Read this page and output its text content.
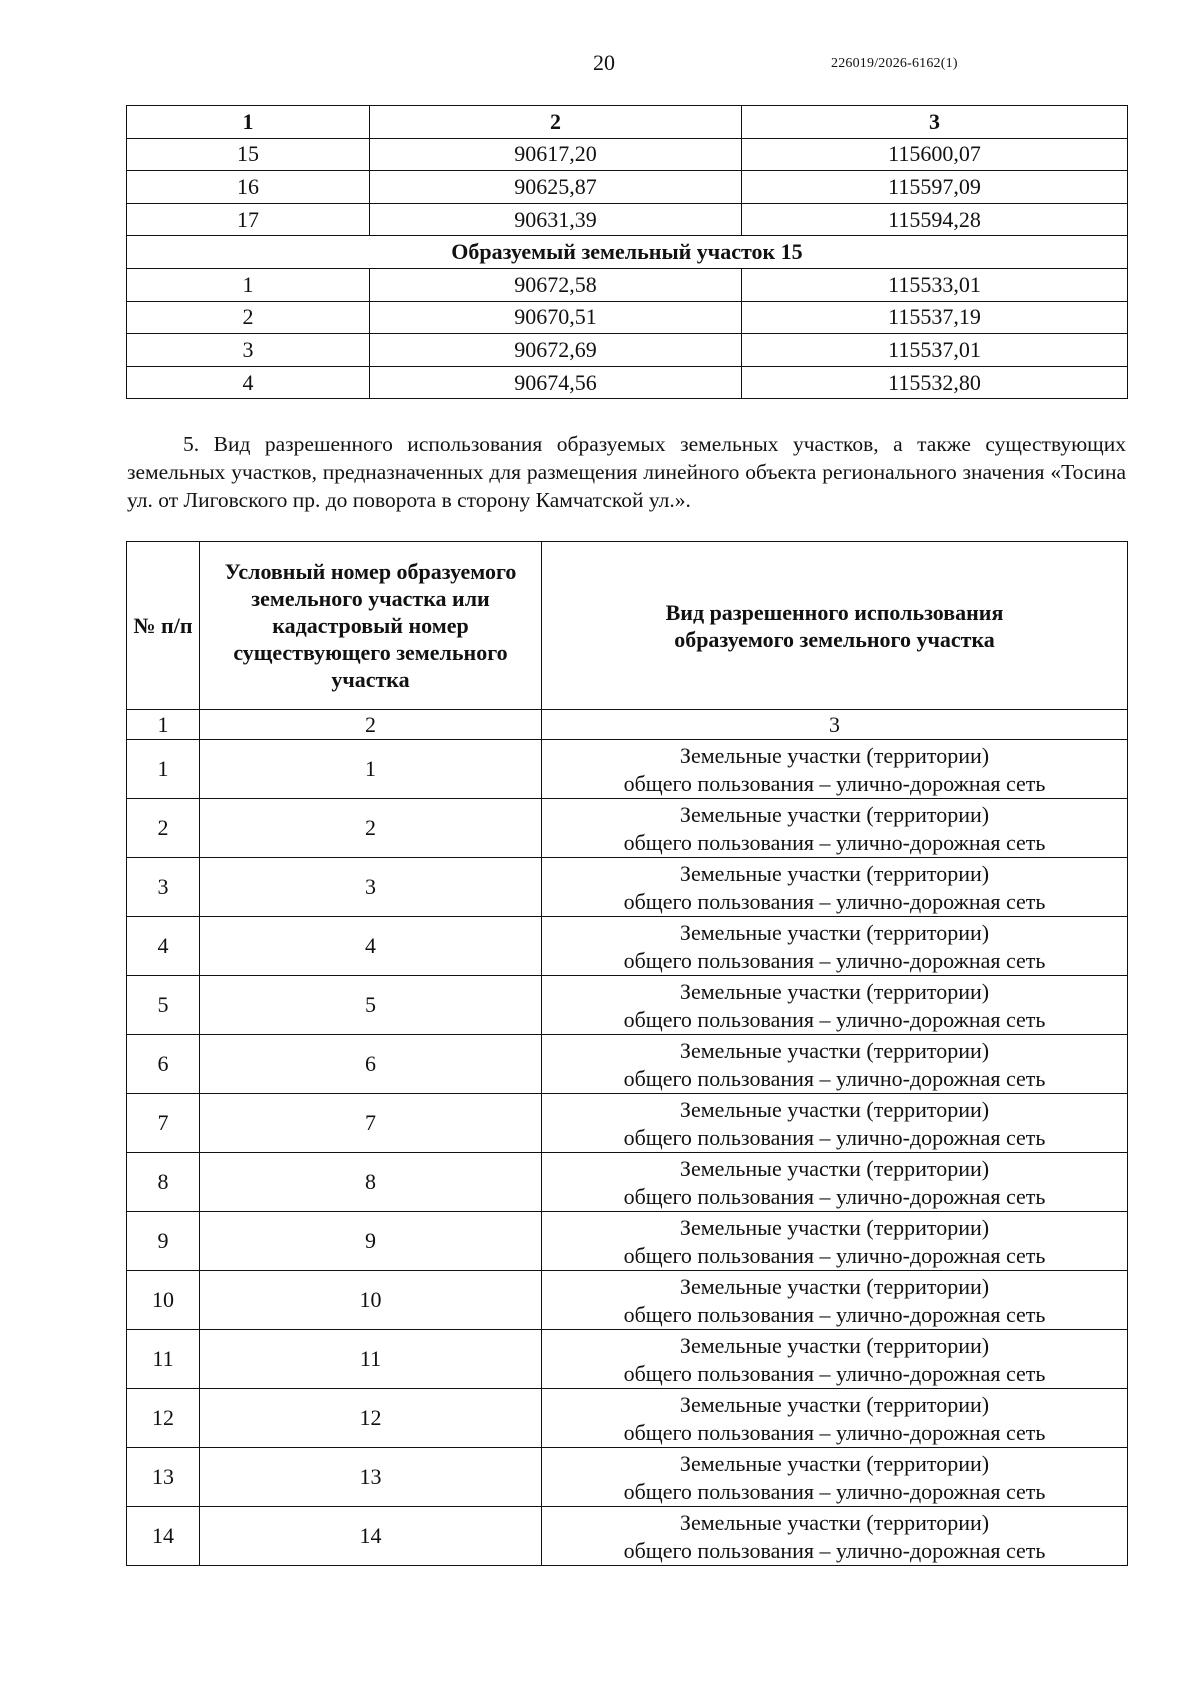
20	226019/2026-6162(1)
1	2	3
15	90617,20	115600,07
16	90625,87	115597,09
17	90631,39	115594,28
Образуемый земельный участок 15		
1	90672,58	115533,01
2	90670,51	115537,19
3	90672,69	115537,01
4	90674,56	115532,80

5. Вид разрешенного использования образуемых земельных участков, а также существующих земельных участков, предназначенных для размещения линейного объекта регионального значения «Тосина ул. от Лиговского пр. до поворота в сторону Камчатской ул.».

№ п/п	Условный номер образуемого земельного участка или кадастровый номер существующего земельного участка	Вид разрешенного использования образуемого земельного участка
1	2	3
1	1	Земельные участки (территории)
общего пользования – улично-дорожная сеть

2	2	Земельные участки (территории)
общего пользования – улично-дорожная сеть

3	3	Земельные участки (территории)
общего пользования – улично-дорожная сеть

4	4	Земельные участки (территории)
общего пользования – улично-дорожная сеть

5	5	Земельные участки (территории)
общего пользования – улично-дорожная сеть

6	6	Земельные участки (территории)
общего пользования – улично-дорожная сеть

7	7	Земельные участки (территории)
общего пользования – улично-дорожная сеть

8	8	Земельные участки (территории)
общего пользования – улично-дорожная сеть

9	9	Земельные участки (территории)
общего пользования – улично-дорожная сеть

10	10	Земельные участки (территории)
общего пользования – улично-дорожная сеть

11	11	Земельные участки (территории)
общего пользования – улично-дорожная сеть

12	12	Земельные участки (территории)
общего пользования – улично-дорожная сеть

13	13	Земельные участки (территории)
общего пользования – улично-дорожная сеть

14	14	Земельные участки (территории)
общего пользования – улично-дорожная сеть
